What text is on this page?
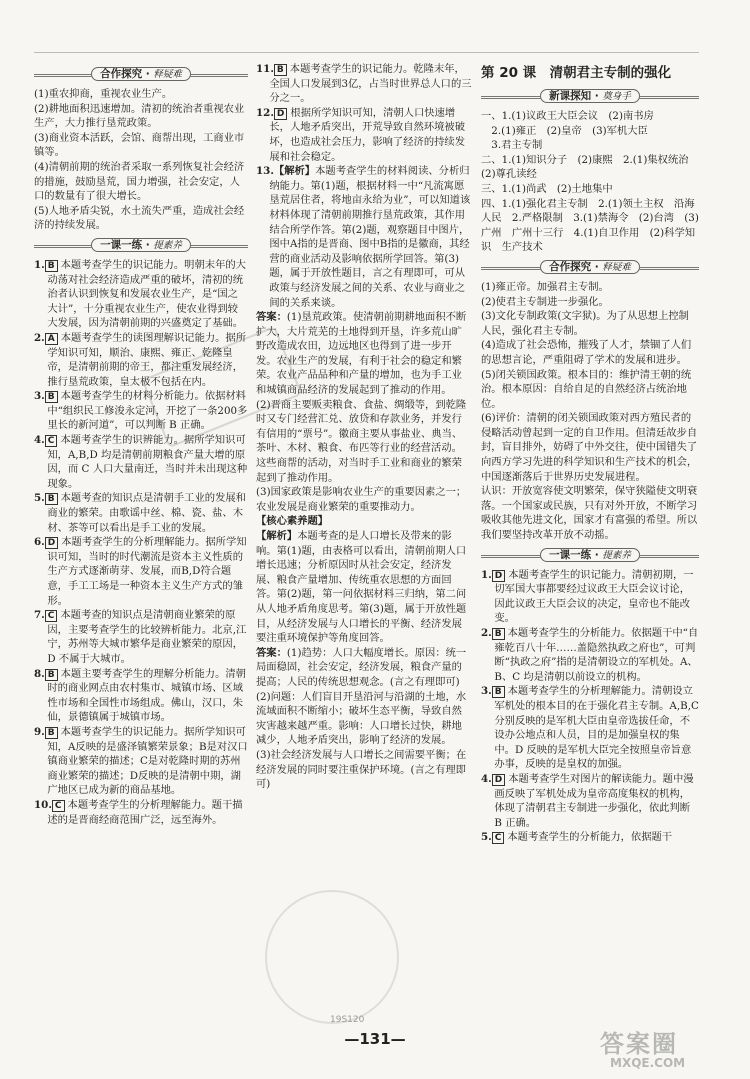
合作探究 · 释疑难

(1)重农抑商，重视农业生产。

(2)耕地面积迅速增加。清初的统治者重视农业生产，大力推行垦荒政策。

(3)商业资本活跃，会馆、商帮出现，工商业市镇等。

(4)清朝前期的统治者采取一系列恢复社会经济的措施，鼓励垦荒，国力增强，社会安定，人口的数量有了很大增长。

(5)人地矛盾尖锐，水土流失严重，造成社会经济的持续发展。

一课一练 · 提素养

1. B 本题考查学生的识记能力。明朝末年的大动荡对社会经济造成严重的破坏，清初的统治者认识到恢复和发展农业生产，是“国之大计”，十分重视农业生产，使农业得到较大发展，因为清朝前期的兴盛奠定了基础。

2. A 本题考查学生的读图理解识记能力。据所学知识可知，顺治、康熙、雍正、乾隆皇帝，是清朝前期的帝王，都注重发展经济，推行垦荒政策，皇太极不包括在内。

3. B 本题考查学生的材料分析能力。依据材料中“组织民工修浚永定河，开挖了一条200多里长的新河道”，可以判断 B 正确。

4. C 本题考查学生的识辨能力。据所学知识可知，A,B,D 均是清朝前期粮食产量大增的原因，而 C 人口大量南迁，当时并未出现这种现象。

5. B 本题考查的知识点是清朝手工业的发展和商业的繁荣。由歌谣中丝、棉、瓷、盐、木材、茶等可以看出是手工业的发展。

6. D 本题考查学生的分析理解能力。据所学知识可知，当时的时代潮流是资本主义性质的生产方式逐渐萌芽、发展，而B,D符合题意，手工工场是一种资本主义生产方式的雏形。

7. C 本题考查的知识点是清朝商业繁荣的原因，主要考查学生的比较辨析能力。北京,江宁，苏州等大城市繁华是商业繁荣的原因，D 不属于大城市。

8. B 本题主要考查学生的理解分析能力。清朝时的商业网点由农村集市、城镇市场、区域性市场和全国性市场组成。佛山，汉口，朱仙，景德镇属于城镇市场。

9. B 本题考查学生的识记能力。据所学知识可知，A反映的是盛泽镇繁荣景象；B是对汉口镇商业繁荣的描述；C是对乾隆时期的苏州商业繁荣的描述；D反映的是清朝中期，湖广地区已成为新的商品基地。

10. C 本题考查学生的分析理解能力。题干描述的是晋商经商范围广泛，远至海外。

11. B 本题考查学生的识记能力。乾隆末年，全国人口发展到3亿，占当时世界总人口的三分之一。

12. D 根据所学知识可知，清朝人口快速增长，人地矛盾突出，开荒导致自然环境被破坏，也造成社会压力，影响了经济的持续发展和社会稳定。

13.【解析】本题考查学生的材料阅读、分析归纳能力。第(1)题，根据材料一中“凡流寓愿垦荒居住者，将地亩永给为业”，可以知道该材料体现了清朝前期推行垦荒政策，其作用结合所学作答。第(2)题，观察题目中图片，图中A指的是晋商、图中B指的是徽商，其经营的商业活动及影响依据所学回答。第(3)题，属于开放性题目，言之有理即可，可从政策与经济发展之间的关系、农业与商业之间的关系来谈。

答案：(1)垦荒政策。使清朝前期耕地面积不断扩大，大片荒芜的土地得到开垦，许多荒山旷野改造成农田，边远地区也得到了进一步开发。农业生产的发展，有利于社会的稳定和繁荣。农业产品品种和产量的增加，也为手工业和城镇商品经济的发展起到了推动的作用。

(2)晋商主要贩卖粮食、食盐、绸缎等，到乾隆时又专门经营汇兑、放贷和存款业务，并发行有信用的“票号”。徽商主要从事盐业、典当、茶叶、木材、粮食、布匹等行业的经营活动。这些商帮的活动，对当时手工业和商业的繁荣起到了推动作用。

(3)国家政策是影响农业生产的重要因素之一；农业发展是商业繁荣的重要推动力。

【核心素养题】

【解析】本题考查的是人口增长及带来的影响。第(1)题，由表格可以看出，清朝前期人口增长迅速；分析原因时从社会安定，经济发展、粮食产量增加、传统重农思想的方面回答。第(2)题，第一问依据材料三归纳，第二问从人地矛盾角度思考。第(3)题，属于开放性题目，从经济发展与人口增长的平衡、经济发展要注重环境保护等角度回答。

答案：(1)趋势：人口大幅度增长。原因：统一局面稳固，社会安定，经济发展，粮食产量的提高；人民的传统思想观念。(言之有理即可)

(2)问题：人们盲目开垦沿河与沿湖的土地，水流域面积不断缩小；破坏生态平衡，导致自然灾害越来越严重。影响：人口增长过快，耕地减少，人地矛盾突出，影响了经济的发展。

(3)社会经济发展与人口增长之间需要平衡；在经济发展的同时要注重保护环境。(言之有理即可)

第 20 课　清朝君主专制的强化
新课探知 · 奠身手

一、1.(1)议政王大臣会议　(2)南书房

　2.(1)雍正　(2)皇帝　(3)军机大臣

　3.君主专制

二、1.(1)知识分子　(2)康熙　2.(1)集权统治　(2)尊孔读经

三、1.(1)尚武　(2)土地集中

四、1.(1)强化君主专制　2.(1)领土主权　沿海人民　2.严格限制　3.(1)禁海令　(2)台湾　(3)广州　广州十三行　4.(1)自卫作用　(2)科学知识　生产技术

合作探究 · 释疑难

(1)雍正帝。加强君主专制。

(2)使君主专制进一步强化。

(3)文化专制政策(文字狱)。为了从思想上控制人民，强化君主专制。

(4)造成了社会恐怖，摧残了人才，禁锢了人们的思想言论，严重阻碍了学术的发展和进步。

(5)闭关锁国政策。根本目的：维护清王朝的统治。根本原因：自给自足的自然经济占统治地位。

(6)评价：清朝的闭关锁国政策对西方殖民者的侵略活动曾起到一定的自卫作用。但清廷故步自封，盲目排外，妨碍了中外交往，使中国错失了向西方学习先进的科学知识和生产技术的机会，中国逐渐落后于世界历史发展进程。

认识：开放宽容使文明繁荣，保守狭隘使文明衰落。一个国家或民族，只有对外开放，不断学习吸收其他先进文化，国家才有富强的希望。所以我们要坚持改革开放不动摇。

一课一练 · 提素养

1. D 本题考查学生的识记能力。清朝初期，一切军国大事都要经过议政王大臣会议讨论，因此议政王大臣会议的决定，皇帝也不能改变。

2. B 本题考查学生的分析能力。依据题干中“自雍乾百八十年……盖隐然执政之府也”，可判断“执政之府”指的是清朝设立的军机处。A、B、C 均是清朝以前设立的机构。

3. B 本题考查学生的分析理解能力。清朝设立军机处的根本目的在于强化君主专制。A,B,C 分别反映的是军机大臣由皇帝选拔任命，不设办公地点和人员，目的是加强皇权的集中。D 反映的是军机大臣完全按照皇帝旨意办事，反映的是皇权的加强。

4. D 本题考查学生对图片的解读能力。题中漫画反映了军机处成为皇帝高度集权的机构，体现了清朝君主专制进一步强化，依此判断 B 正确。

5. C 本题考查学生的分析能力，依据题干

19S120
— 131 —	答案圈
MXQE.COM
